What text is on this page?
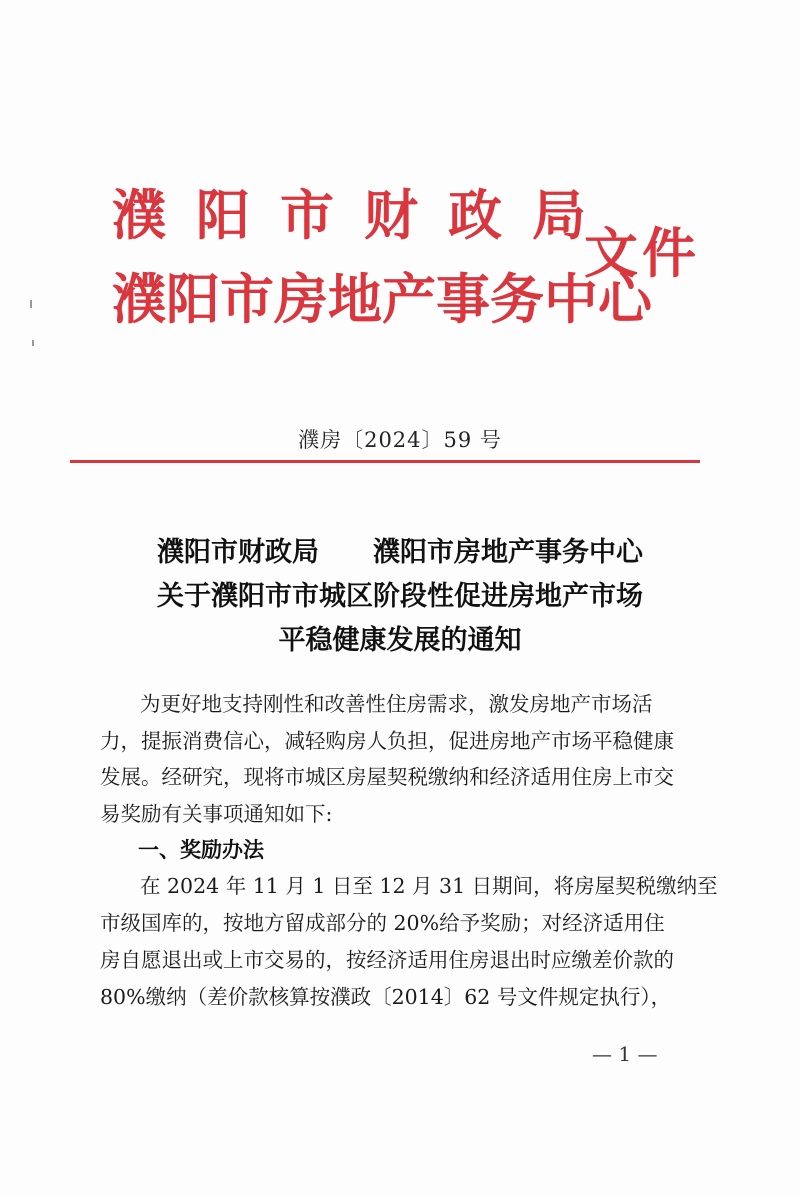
濮阳市财政局
濮阳市房地产事务中心
文件
濮房〔2024〕59 号
濮阳市财政局　　濮阳市房地产事务中心
关于濮阳市市城区阶段性促进房地产市场
平稳健康发展的通知
为更好地支持刚性和改善性住房需求，激发房地产市场活
力，提振消费信心，减轻购房人负担，促进房地产市场平稳健康
发展。经研究，现将市城区房屋契税缴纳和经济适用住房上市交
易奖励有关事项通知如下:
一、奖励办法
在 2024 年 11 月 1 日至 12 月 31 日期间，将房屋契税缴纳至
市级国库的，按地方留成部分的 20%给予奖励；对经济适用住
房自愿退出或上市交易的，按经济适用住房退出时应缴差价款的
80%缴纳（差价款核算按濮政〔2014〕62 号文件规定执行），
— 1 —
